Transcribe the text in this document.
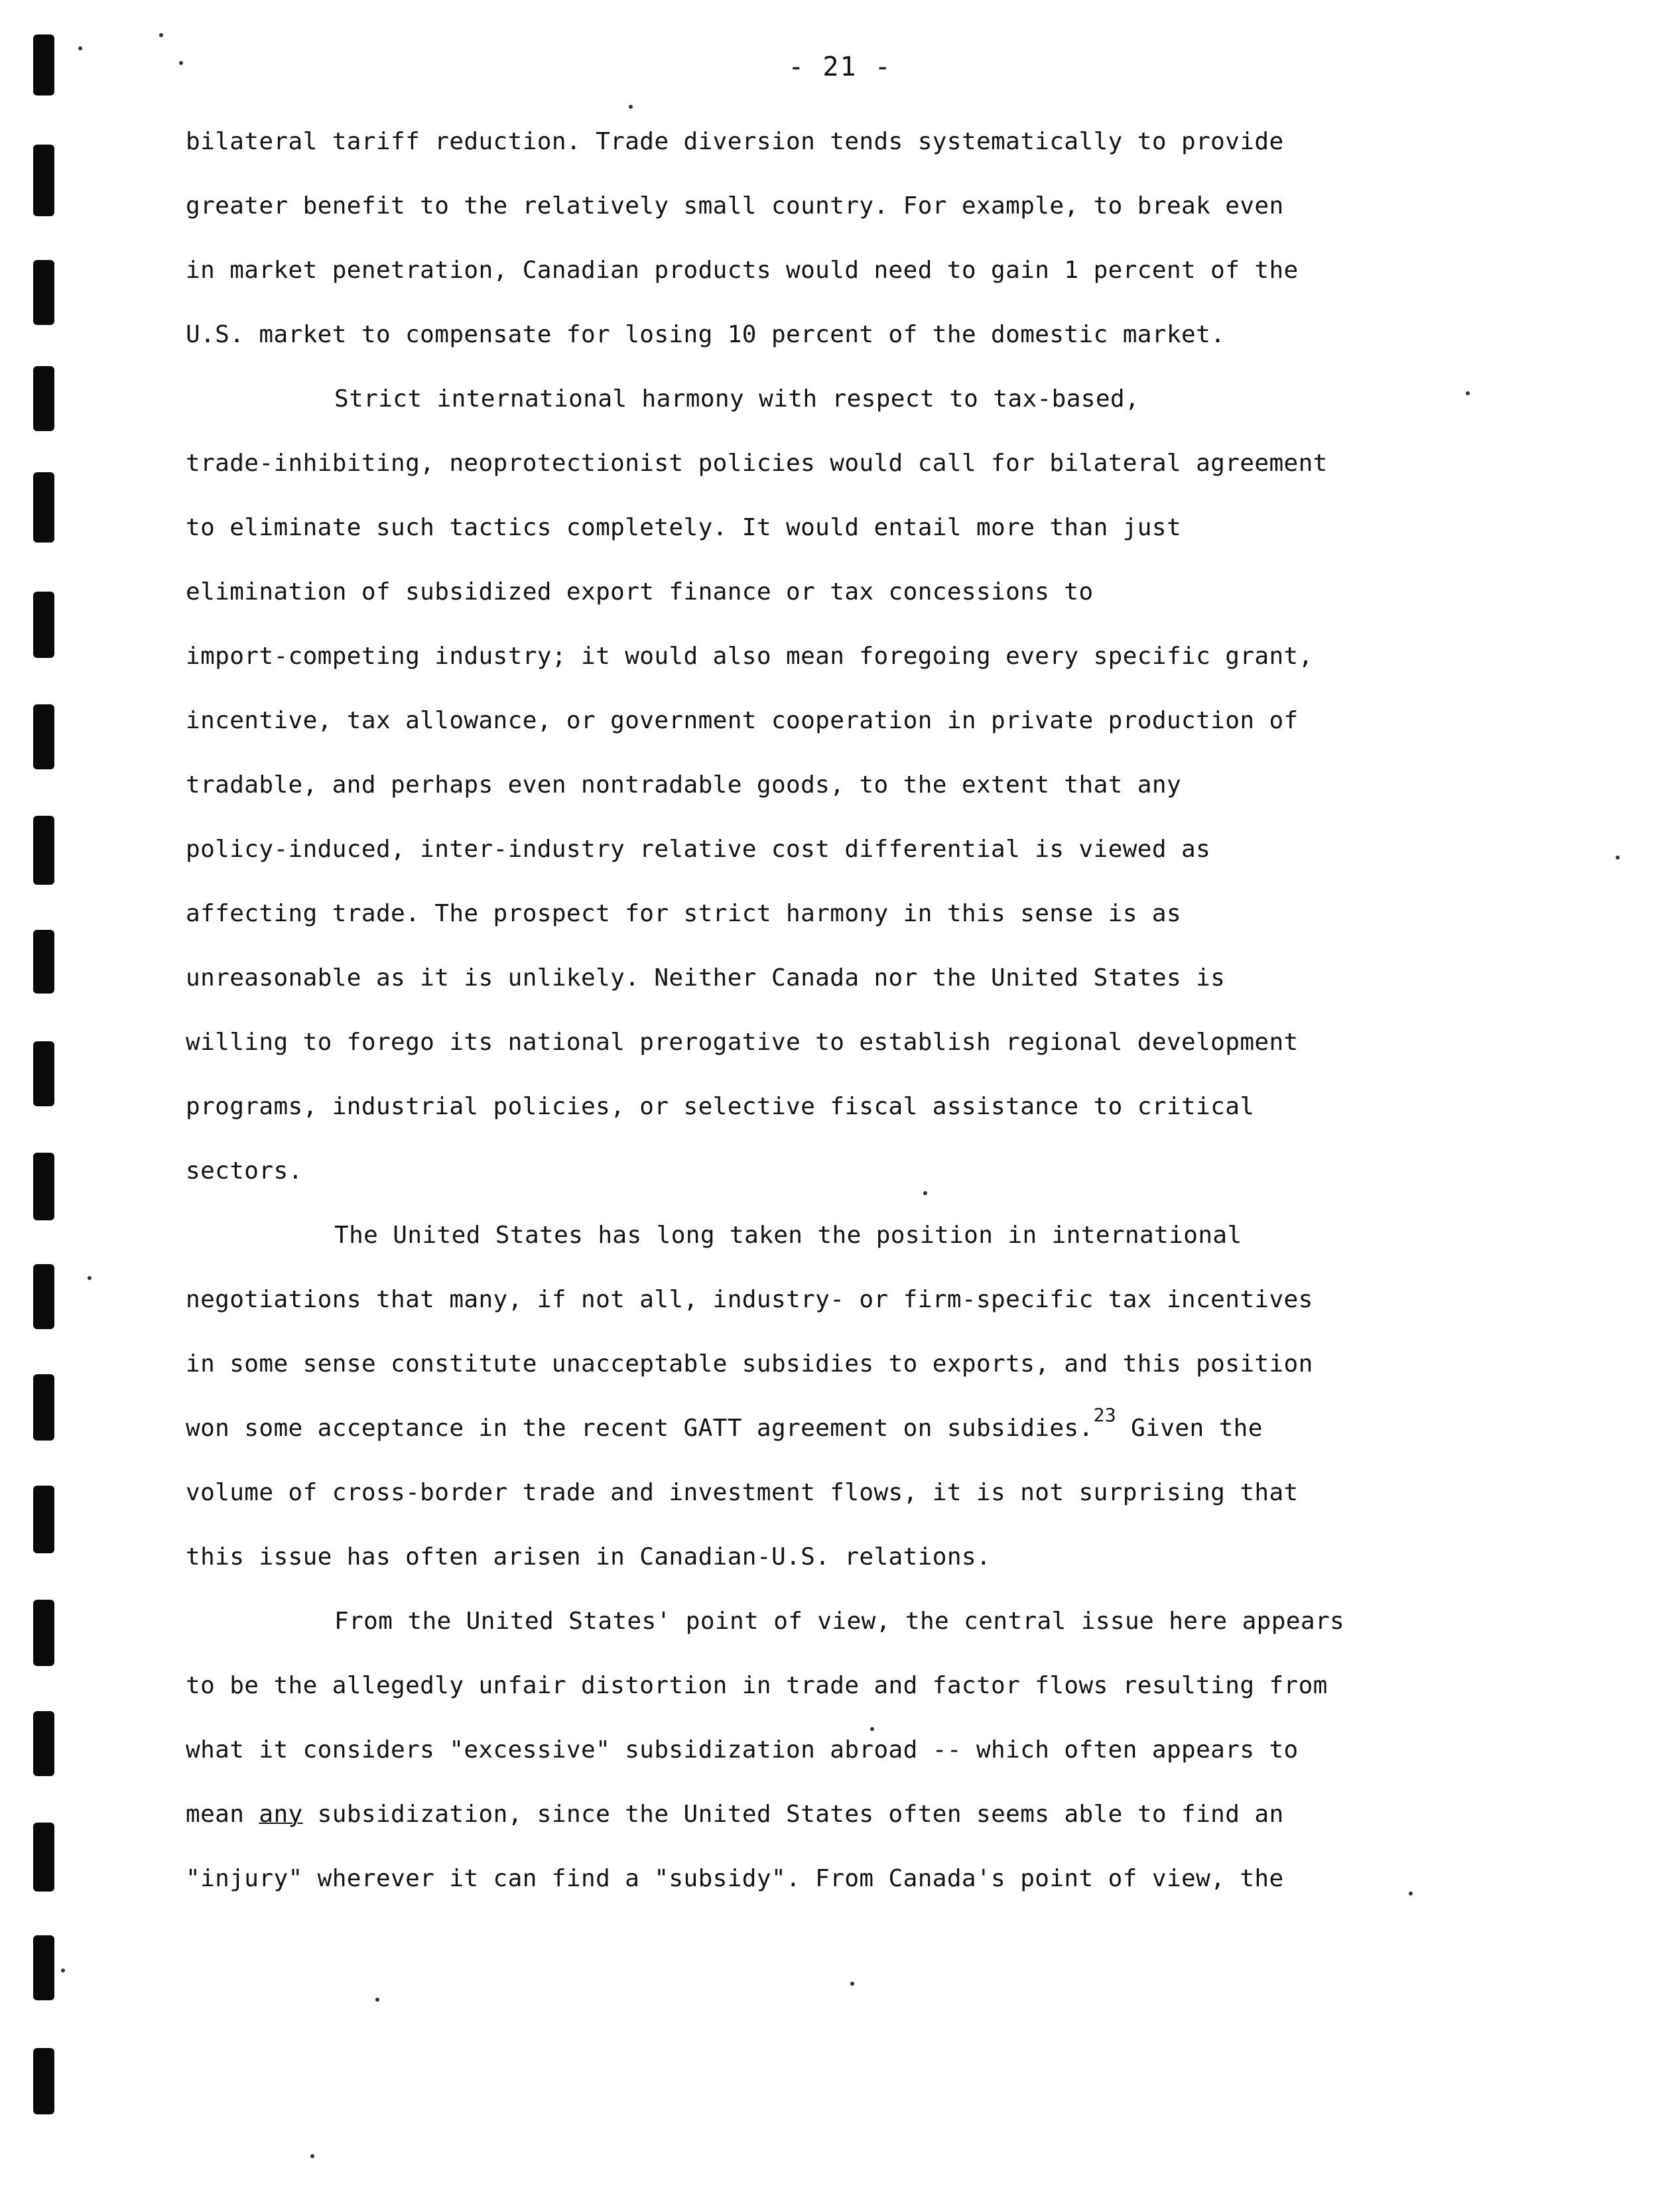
- 21 -
bilateral tariff reduction. Trade diversion tends systematically to provide
greater benefit to the relatively small country. For example, to break even
in market penetration, Canadian products would need to gain 1 percent of the
U.S. market to compensate for losing 10 percent of the domestic market.
Strict international harmony with respect to tax-based,
trade-inhibiting, neoprotectionist policies would call for bilateral agreement
to eliminate such tactics completely. It would entail more than just
elimination of subsidized export finance or tax concessions to
import-competing industry; it would also mean foregoing every specific grant,
incentive, tax allowance, or government cooperation in private production of
tradable, and perhaps even nontradable goods, to the extent that any
policy-induced, inter-industry relative cost differential is viewed as
affecting trade. The prospect for strict harmony in this sense is as
unreasonable as it is unlikely. Neither Canada nor the United States is
willing to forego its national prerogative to establish regional development
programs, industrial policies, or selective fiscal assistance to critical
sectors.
The United States has long taken the position in international
negotiations that many, if not all, industry- or firm-specific tax incentives
in some sense constitute unacceptable subsidies to exports, and this position
won some acceptance in the recent GATT agreement on subsidies.$^{23}$ Given the
volume of cross-border trade and investment flows, it is not surprising that
this issue has often arisen in Canadian-U.S. relations.
From the United States' point of view, the central issue here appears
to be the allegedly unfair distortion in trade and factor flows resulting from
what it considers "excessive" subsidization abroad -- which often appears to
mean any subsidization, since the United States often seems able to find an
"injury" wherever it can find a "subsidy". From Canada's point of view, the
